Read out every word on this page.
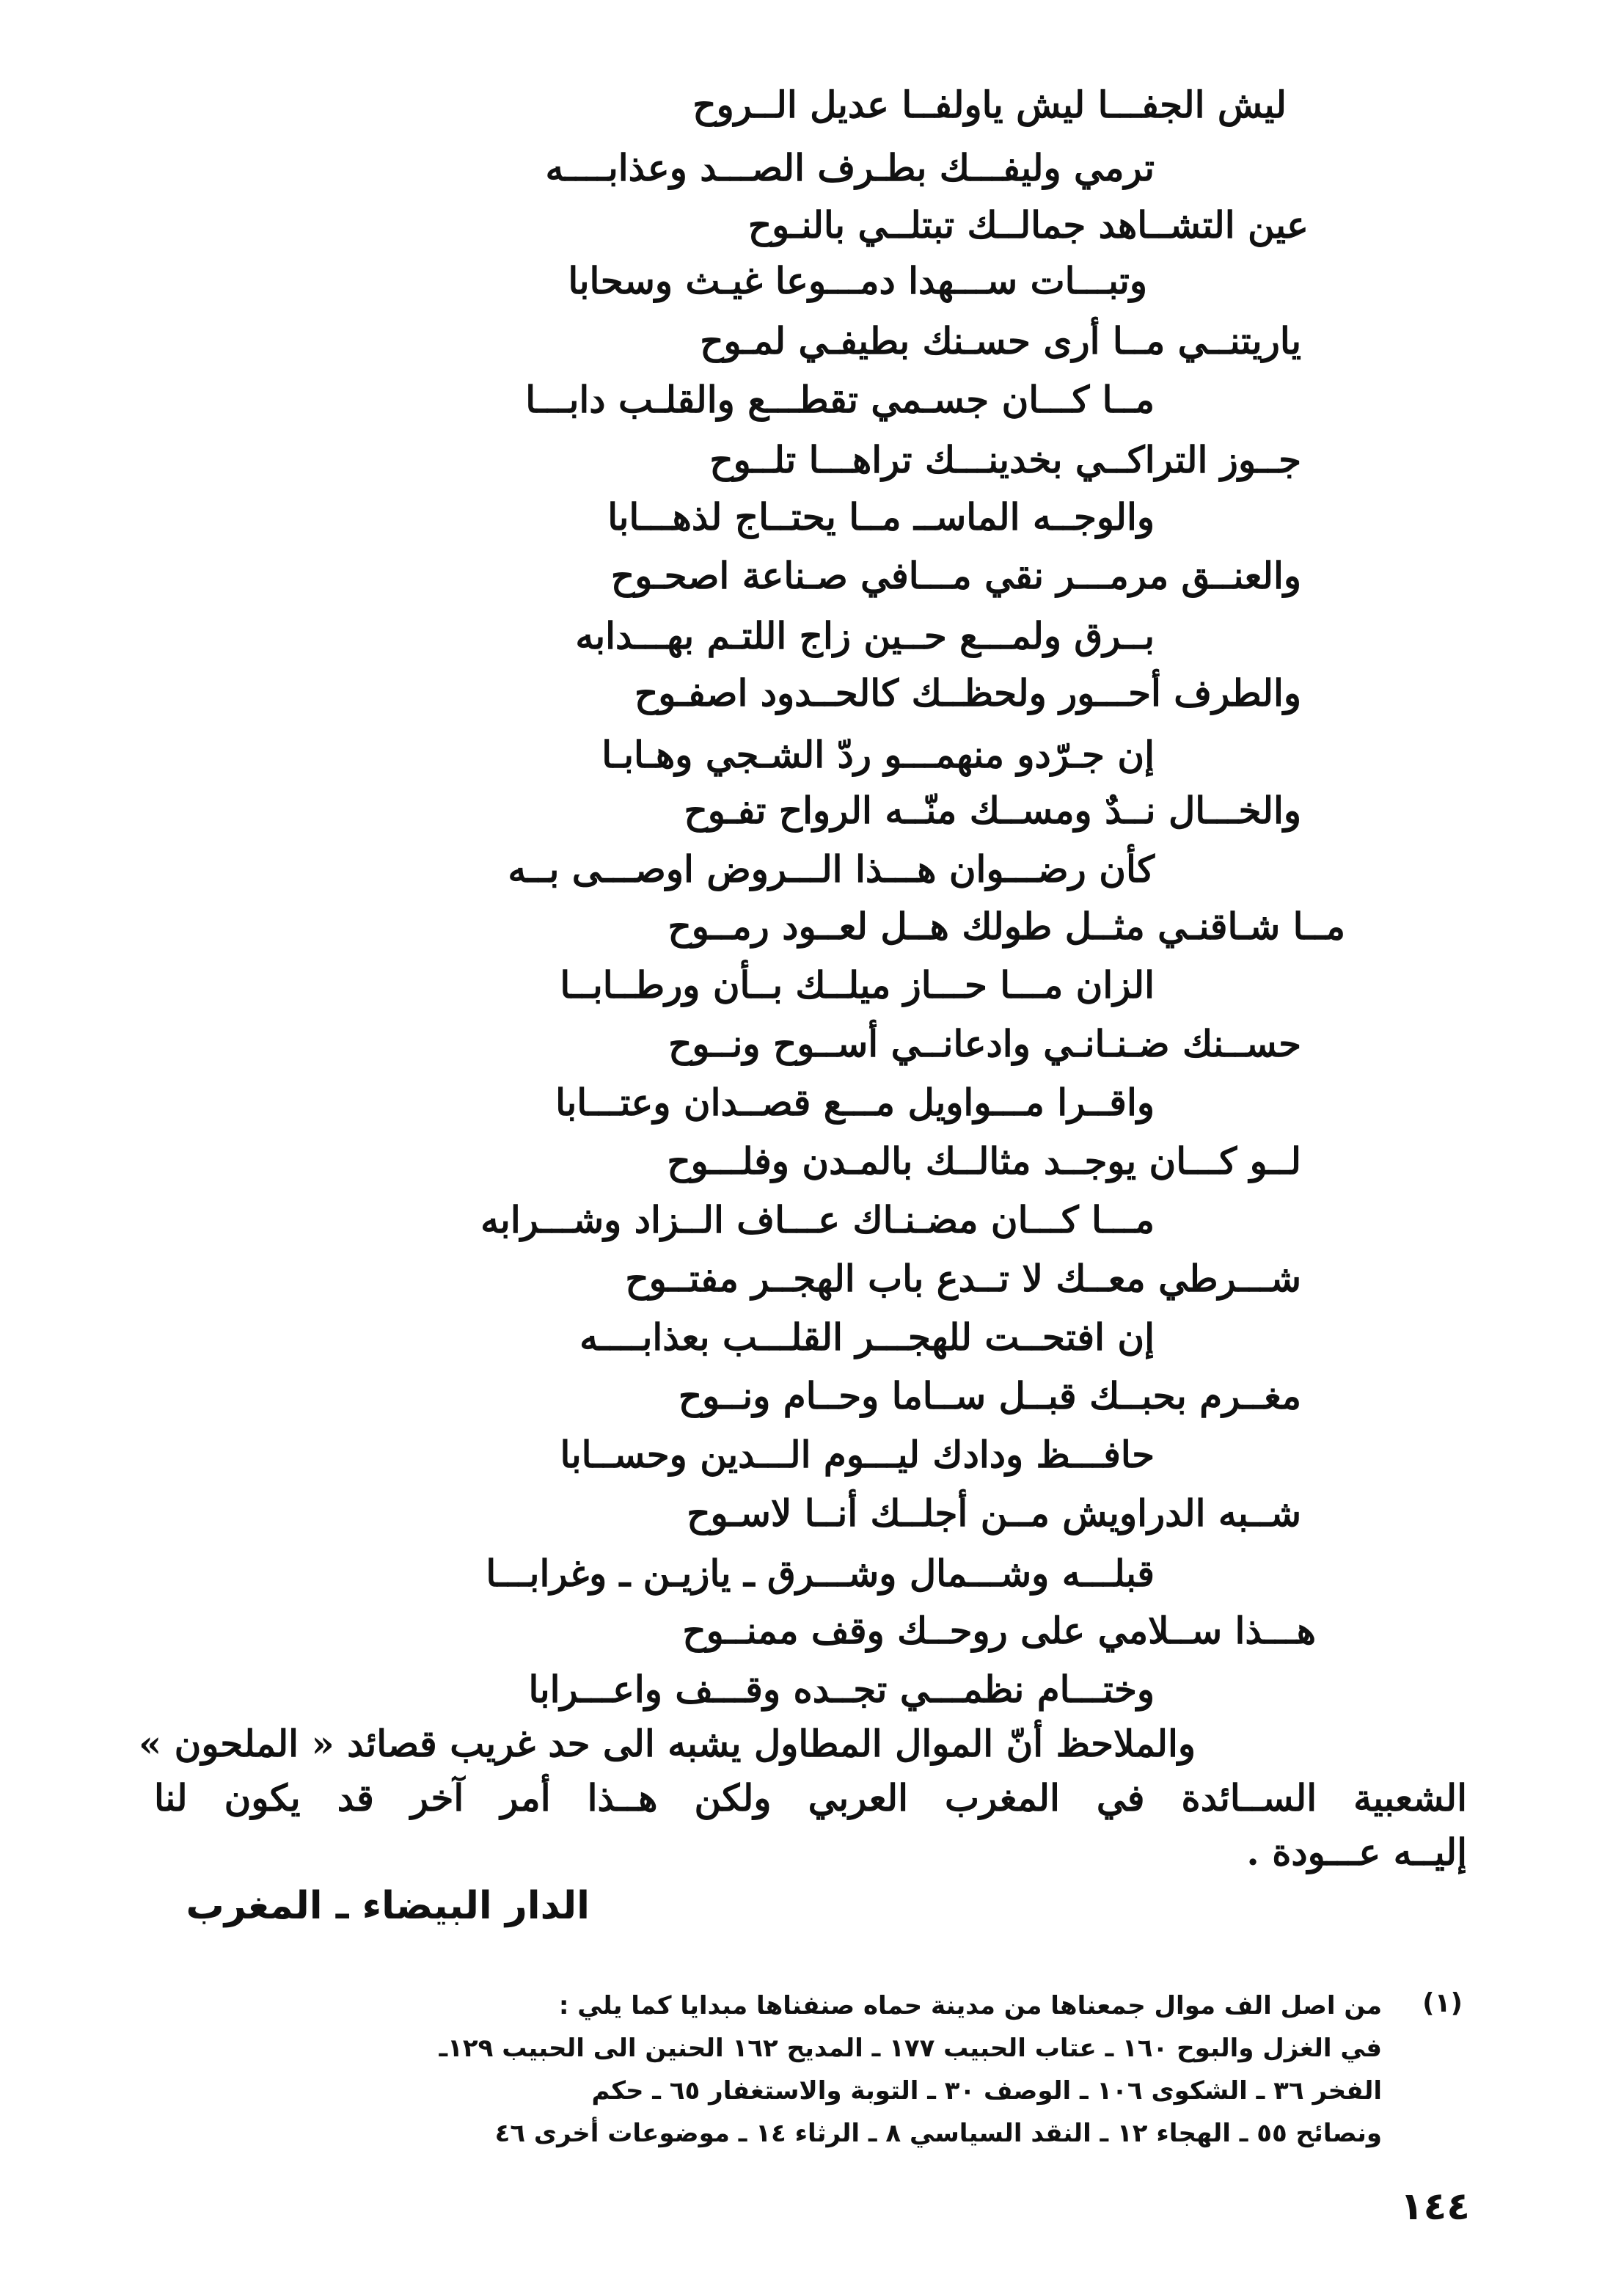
ليش الجفـــا ليش ياولفــا عديل الــروح
ترمي وليفـــك بطـرف الصـــد وعذابــــه
عين التشــاهد جمالــك تبتلــي بالنـوح
وتبـــات ســـهدا دمـــوعا غيـث وسحابا
ياريتنــي مــا أرى حسـنك بطيفـي لمـوح
مــا كـــان جسـمي تقطـــع والقلـب دابـــا
جــوز التراكــي بخدينـــك تراهـــا تلــوح
والوجــه الماســ مــا يحتــاج لذهـــابا
والعنــق مرمـــر نقي مـــافي صـناعة اصحـوح
بــرق ولمـــع حــين زاج اللتـم بهـــدابه
والطرف أحـــور ولحظــك كالحــدود اصفـوح
إن جـرّدو منهمـــو ردّ الشـجي وهـابـا
والخـــال نــدٌ ومســك منّــه الرواح تفـوح
كأن رضـــوان هـــذا الـــروض اوصـــى بــه
مــا شـاقنـي مثــل طولك هــل لعــود رمــوح
الزان مـــا حـــاز ميلــك بــأن ورطــابــا
حســنك ضـنـانـي وادعانــي أســوح ونــوح
واقــرا مـــواويل مـــع قصــدان وعتـــابا
لــو كـــان يوجــد مثالــك بالمـدن وفلـــوح
مـــا كـــان مضـنـاك عـــاف الــزاد وشـــرابه
شـــرطي معــك لا تــدع باب الهجــر مفتــوح
إن افتحــت للهجـــر القلـــب بعذابــــه
مغــرم بحبــك قبــل ســاما وحــام ونــوح
حافـــظ ودادك ليـــوم الـــدين وحســابا
شــبه الدراويش مــن أجلــك أنــا لاسـوح
قبلـــه وشـــمال وشـــرق ـ يازيـن ـ وغرابـــا
هـــذا ســلامي على روحــك وقف ممنــوح
وختـــام نظمـــي تجــده وقـــف واعـــرابا
والملاحظ أنّ الموال المطاول يشبه الى حد غريب قصائد « الملحون »
الشعبية الســائدة في المغرب العربي ولكن هــذا أمر آخر قد يكون لنا
إليــه عـــودة .
الدار البيضاء ـ المغرب
(١)
من اصل الف موال جمعناها من مدينة حماه صنفناها مبدايا كما يلي :
في الغزل والبوح ١٦٠ ـ عتاب الحبيب ١٧٧ ـ المديح ١٦٢ الحنين الى الحبيب ١٢٩ـ
الفخر ٣٦ ـ الشكوى ١٠٦ ـ الوصف ٣٠ ـ التوبة والاستغفار ٦٥ ـ حكم
ونصائح ٥٥ ـ الهجاء ١٢ ـ النقد السياسي ٨ ـ الرثاء ١٤ ـ موضوعات أخرى ٤٦
١٤٤
